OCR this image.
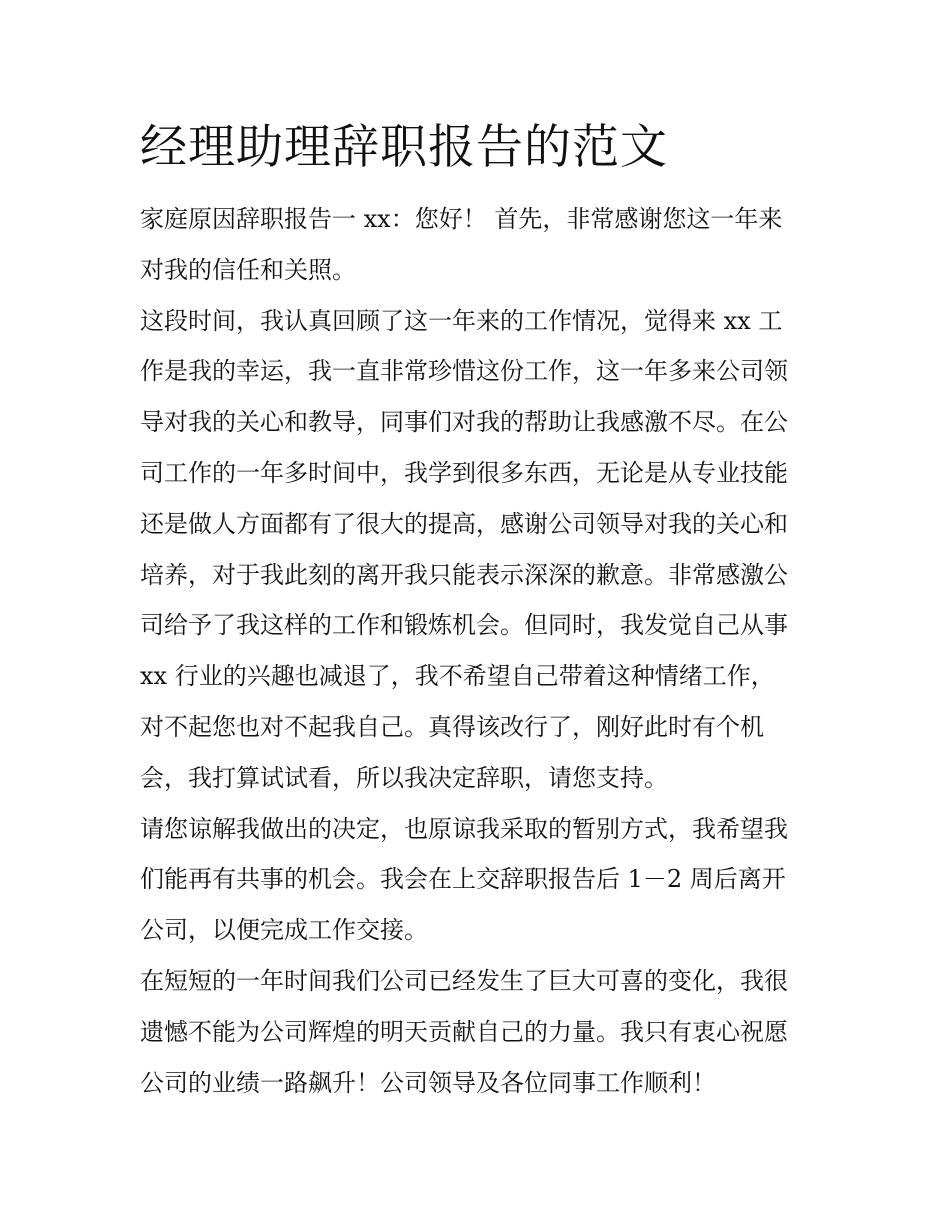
经理助理辞职报告的范文
家庭原因辞职报告一 xx：您好！ 首先，非常感谢您这一年来
对我的信任和关照。
这段时间，我认真回顾了这一年来的工作情况，觉得来 xx 工
作是我的幸运，我一直非常珍惜这份工作，这一年多来公司领
导对我的关心和教导，同事们对我的帮助让我感激不尽。在公
司工作的一年多时间中，我学到很多东西，无论是从专业技能
还是做人方面都有了很大的提高，感谢公司领导对我的关心和
培养，对于我此刻的离开我只能表示深深的歉意。非常感激公
司给予了我这样的工作和锻炼机会。但同时，我发觉自己从事
xx 行业的兴趣也减退了，我不希望自己带着这种情绪工作，
对不起您也对不起我自己。真得该改行了，刚好此时有个机
会，我打算试试看，所以我决定辞职，请您支持。
请您谅解我做出的决定，也原谅我采取的暂别方式，我希望我
们能再有共事的机会。我会在上交辞职报告后 1－2 周后离开
公司，以便完成工作交接。
在短短的一年时间我们公司已经发生了巨大可喜的变化，我很
遗憾不能为公司辉煌的明天贡献自己的力量。我只有衷心祝愿
公司的业绩一路飙升！公司领导及各位同事工作顺利！
